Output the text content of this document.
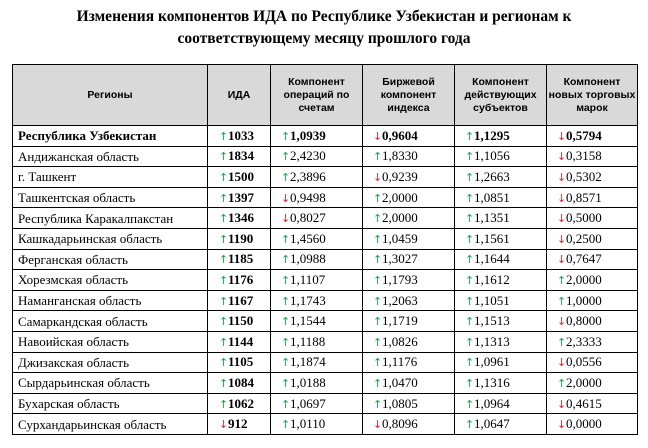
Изменения компонентов ИДА по Республике Узбекистан и регионам к
соответствующему месяцу прошлого года
Регионы	ИДА	Компонент операций по счетам	Биржевой компонент индекса	Компонент действующих субъектов	Компонент новых торговых марок
Республика Узбекистан	↑1033	↑1,0939	↓0,9604	↑1,1295	↓0,5794
Андижанская область	↑1834	↑2,4230	↑1,8330	↑1,1056	↓0,3158
г. Ташкент	↑1500	↑2,3896	↓0,9239	↑1,2663	↓0,5302
Ташкентская область	↑1397	↓0,9498	↑2,0000	↑1,0851	↓0,8571
Республика Каракалпакстан	↑1346	↓0,8027	↑2,0000	↑1,1351	↓0,5000
Кашкадарьинская область	↑1190	↑1,4560	↑1,0459	↑1,1561	↓0,2500
Ферганская область	↑1185	↑1,0988	↑1,3027	↑1,1644	↓0,7647
Хорезмская область	↑1176	↑1,1107	↑1,1793	↑1,1612	↑2,0000
Наманганская область	↑1167	↑1,1743	↑1,2063	↑1,1051	↑1,0000
Самаркандская область	↑1150	↑1,1544	↑1,1719	↑1,1513	↓0,8000
Навоийская область	↑1144	↑1,1188	↑1,0826	↑1,1313	↑2,3333
Джизакская область	↑1105	↑1,1874	↑1,1176	↑1,0961	↓0,0556
Сырдарьинская область	↑1084	↑1,0188	↑1,0470	↑1,1316	↑2,0000
Бухарская область	↑1062	↑1,0697	↑1,0805	↑1,0964	↓0,4615
Сурхандарьинская область	↓912	↑1,0110	↓0,8096	↑1,0647	↓0,0000
